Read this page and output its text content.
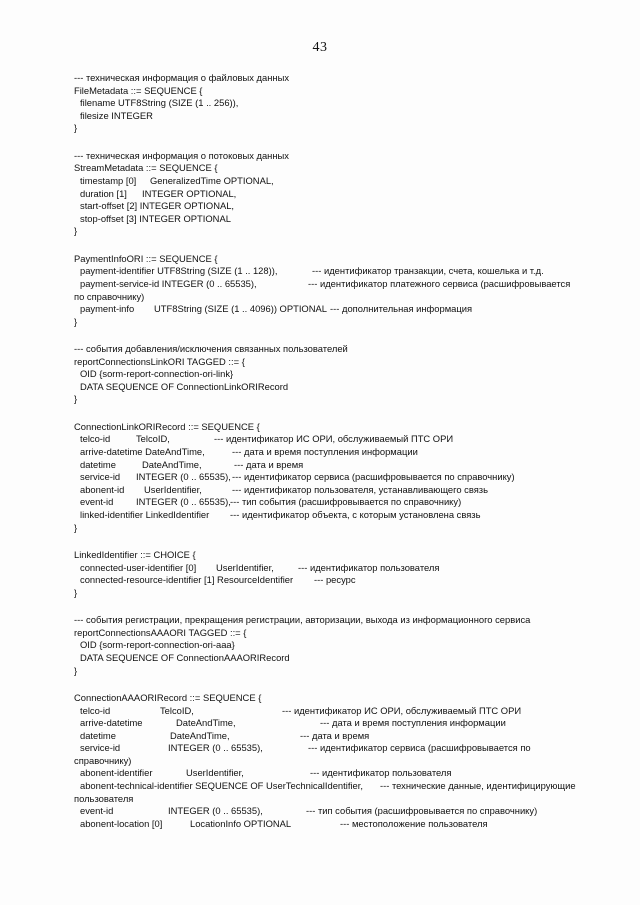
43
--- техническая информация о файловых данных
FileMetadata ::= SEQUENCE {
filename UTF8String (SIZE (1 .. 256)),
filesize INTEGER
}
--- техническая информация о потоковых данных
StreamMetadata ::= SEQUENCE {
timestamp [0] GeneralizedTime OPTIONAL,
duration [1] INTEGER OPTIONAL,
start-offset [2] INTEGER OPTIONAL,
stop-offset [3] INTEGER OPTIONAL
}
PaymentInfoORI ::= SEQUENCE {
payment-identifier UTF8String (SIZE (1 .. 128)),	--- идентификатор транзакции, счета, кошелька и т.д.
payment-service-id INTEGER (0 .. 65535),	--- идентификатор платежного сервиса (расшифровывается
по справочнику)
payment-info UTF8String (SIZE (1 .. 4096)) OPTIONAL --- дополнительная информация
}
--- события добавления/исключения связанных пользователей
reportConnectionsLinkORI TAGGED ::= {
OID {sorm-report-connection-ori-link}
DATA SEQUENCE OF ConnectionLinkORIRecord
}
ConnectionLinkORIRecord ::= SEQUENCE {
telco-id	TelcoID,	--- идентификатор ИС ОРИ, обслуживаемый ПТС ОРИ
arrive-datetime DateAndTime,	--- дата и время поступления информации
datetime	DateAndTime,	--- дата и время
service-id INTEGER (0 .. 65535), --- идентификатор сервиса (расшифровывается по справочнику)
abonent-id UserIdentifier,	--- идентификатор пользователя, устанавливающего связь
event-id INTEGER (0 .. 65535), --- тип события (расшифровывается по справочнику)
linked-identifier LinkedIdentifier --- идентификатор объекта, с которым установлена связь
}
LinkedIdentifier ::= CHOICE {
connected-user-identifier [0] UserIdentifier,	--- идентификатор пользователя
connected-resource-identifier [1] ResourceIdentifier --- ресурс
}
--- события регистрации, прекращения регистрации, авторизации, выхода из информационного сервиса
reportConnectionsAAAORI TAGGED ::= {
OID {sorm-report-connection-ori-aaa}
DATA SEQUENCE OF ConnectionAAAORIRecord
}
ConnectionAAAORIRecord ::= SEQUENCE {
telco-id	TelcoID,	--- идентификатор ИС ОРИ, обслуживаемый ПТС ОРИ
arrive-datetime	DateAndTime,	--- дата и время поступления информации
datetime	DateAndTime,	--- дата и время
service-id	INTEGER (0 .. 65535),	--- идентификатор сервиса (расшифровывается по
справочнику)
abonent-identifier	UserIdentifier,	--- идентификатор пользователя
abonent-technical-identifier SEQUENCE OF UserTechnicalIdentifier, --- технические данные, идентифицирующие
пользователя
event-id	INTEGER (0 .. 65535),	--- тип события (расшифровывается по справочнику)
abonent-location [0]	LocationInfo OPTIONAL	--- местоположение пользователя
